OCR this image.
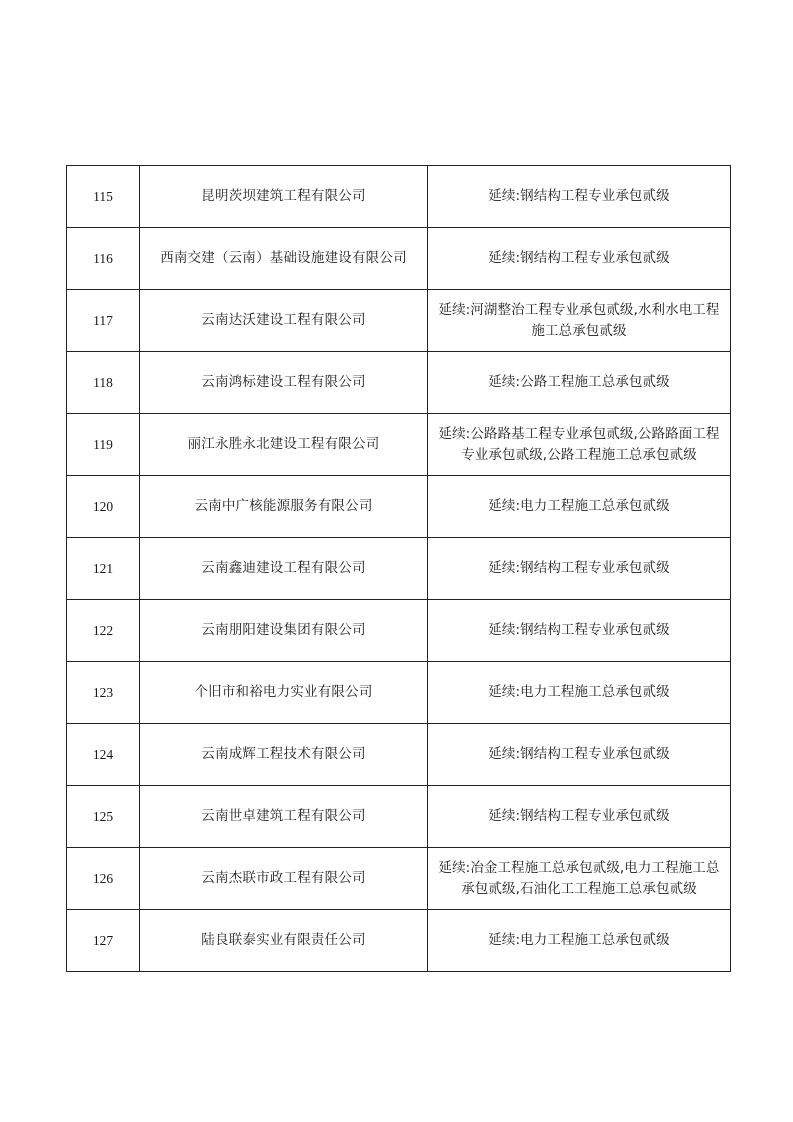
115	昆明茨坝建筑工程有限公司	延续:钢结构工程专业承包贰级
116	西南交建（云南）基础设施建设有限公司	延续:钢结构工程专业承包贰级
117	云南达沃建设工程有限公司	延续:河湖整治工程专业承包贰级,水利水电工程施工总承包贰级
118	云南鸿标建设工程有限公司	延续:公路工程施工总承包贰级
119	丽江永胜永北建设工程有限公司	延续:公路路基工程专业承包贰级,公路路面工程专业承包贰级,公路工程施工总承包贰级
120	云南中广核能源服务有限公司	延续:电力工程施工总承包贰级
121	云南鑫迪建设工程有限公司	延续:钢结构工程专业承包贰级
122	云南朋阳建设集团有限公司	延续:钢结构工程专业承包贰级
123	个旧市和裕电力实业有限公司	延续:电力工程施工总承包贰级
124	云南成辉工程技术有限公司	延续:钢结构工程专业承包贰级
125	云南世卓建筑工程有限公司	延续:钢结构工程专业承包贰级
126	云南杰联市政工程有限公司	延续:冶金工程施工总承包贰级,电力工程施工总承包贰级,石油化工工程施工总承包贰级
127	陆良联泰实业有限责任公司	延续:电力工程施工总承包贰级
